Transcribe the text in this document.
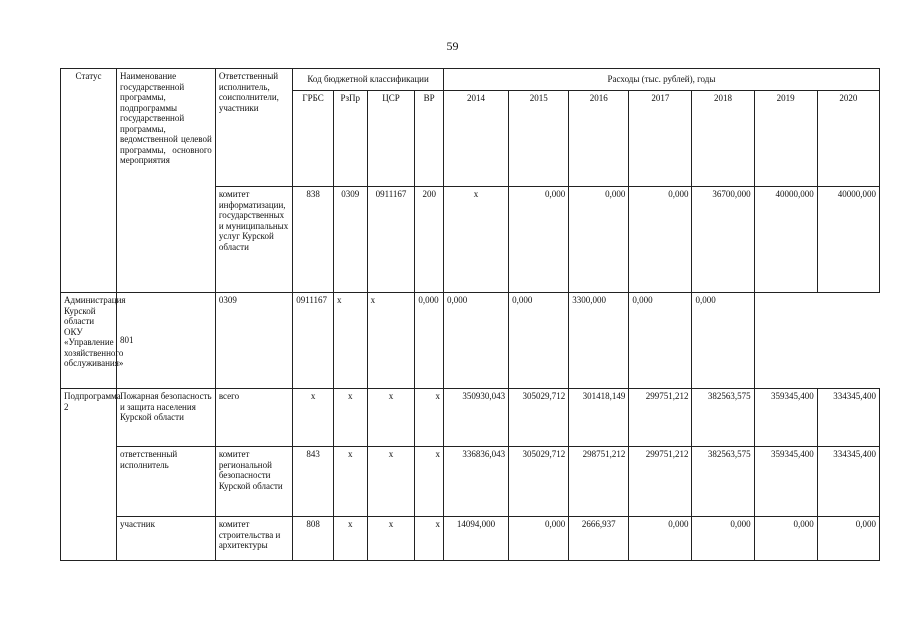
59
Статус	Наименование государственной программы, подпрограммы государственной программы, ведомственной целевой программы, основного мероприятия	Ответственный исполнитель, соисполнители, участники	Код бюджетной классификации				Расходы (тыс. рублей), годы						
			ГРБС	РзПр	ЦСР	ВР	2014	2015	2016	2017	2018	2019	2020
		комитет информатизации, государственных и муниципальных услуг Курской области	838	0309	0911167	200	x	0,000	0,000	0,000	36700,000	40000,000	40000,000
Администрация Курской области ОКУ «Управление хозяйственного обслуживания»	801	0309	0911167	x	x	0,000	0,000	0,000	3300,000	0,000	0,000		
Подпрограмма 2	Пожарная безопасность и защита населения Курской области	всего	x	x	x	x	350930,043	305029,712	301418,149	299751,212	382563,575	359345,400	334345,400
	ответственный исполнитель	комитет региональной безопасности Курской области	843	x	x	x	336836,043	305029,712	298751,212	299751,212	382563,575	359345,400	334345,400
	участник	комитет строительства и архитектуры	808	x	x	x	14094,000	0,000	2666,937	0,000	0,000	0,000	0,000
